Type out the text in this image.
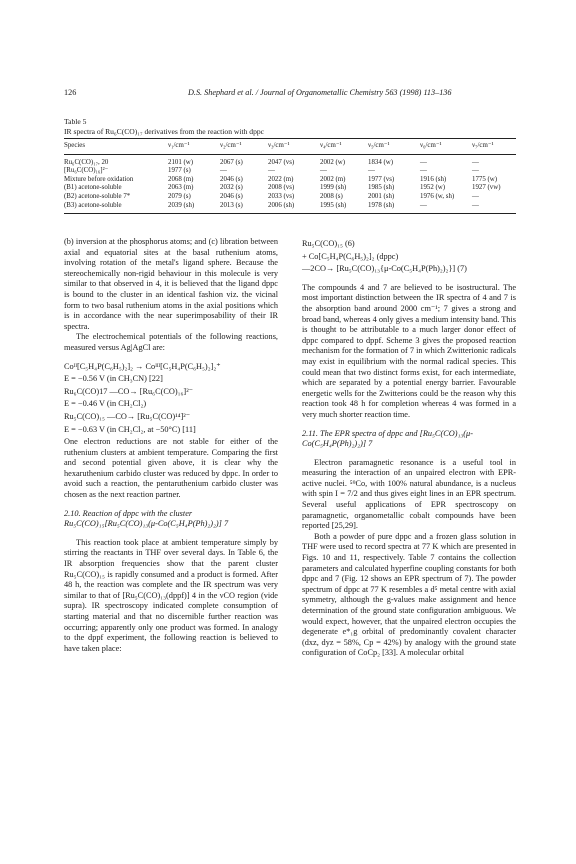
126	D.S. Shephard et al. / Journal of Organometallic Chemistry 563 (1998) 113–136
Table 5
IR spectra of Ru₆C(CO)₁₇ derivatives from the reaction with dppc
Species	ν₁/cm⁻¹	ν₂/cm⁻¹	ν₃/cm⁻¹	ν₄/cm⁻¹	ν₅/cm⁻¹	ν₆/cm⁻¹	ν₇/cm⁻¹
Ru₆C(CO)₁₇, 20	2101 (w)	2067 (s)	2047 (vs)	2002 (w)	1834 (w)	—	—
[Ru₆C(CO)₁₆]²⁻	1977 (s)	—	—	—	—	—	—
Mixture before oxidation	2068 (m)	2046 (s)	2022 (m)	2002 (m)	1977 (vs)	1916 (sh)	1775 (w)
(B1) acetone-soluble	2063 (m)	2032 (s)	2008 (vs)	1999 (sh)	1985 (sh)	1952 (w)	1927 (vw)
(B2) acetone-soluble 7*	2079 (s)	2046 (s)	2033 (vs)	2008 (s)	2001 (sh)	1976 (w, sh)	—
(B3) acetone-soluble	2039 (sh)	2013 (s)	2006 (sh)	1995 (sh)	1978 (sh)	—	—

(b) inversion at the phosphorus atoms; and (c) libration between axial and equatorial sites at the basal ruthenium atoms, involving rotation of the metal's ligand sphere. Because the stereochemically non-rigid behaviour in this molecule is very similar to that observed in 4, it is believed that the ligand dppc is bound to the cluster in an identical fashion viz. the vicinal form to two basal ruthenium atoms in the axial positions which is in accordance with the near superimposability of their IR spectra.

The electrochemical potentials of the following reactions, measured versus Ag|AgCl are:

Coᴵᴵ[C₅H₄P(C₆H₅)₂]₂ → Coᴵᴵᴵ[C₅H₄P(C₆H₅)₂]₂⁺

E = −0.56 V (in CH₃CN) [22]

Ru₆C(CO)17 —CO→ [Ru₆C(CO)₁₆]²⁻

E = −0.46 V (in CH₂Cl₂)

Ru₅C(CO)₁₅ —CO→ [Ru₅C(CO)¹⁴]²⁻

E = −0.63 V (in CH₂Cl₂, at −50°C) [11]

One electron reductions are not stable for either of the ruthenium clusters at ambient temperature. Comparing the first and second potential given above, it is clear why the hexaruthenium carbido cluster was reduced by dppc. In order to avoid such a reaction, the pentaruthenium carbido cluster was chosen as the next reaction partner.

2.10. Reaction of dppc with the cluster Ru₅C(CO)₁₅[Ru₅C(CO)₁₃(μ-Co(C₅H₄P(Ph)₂)₂)] 7

This reaction took place at ambient temperature simply by stirring the reactants in THF over several days. In Table 6, the IR absorption frequencies show that the parent cluster Ru₅C(CO)₁₅ is rapidly consumed and a product is formed. After 48 h, the reaction was complete and the IR spectrum was very similar to that of [Ru₅C(CO)₁₃(dppf)] 4 in the νCO region (vide supra). IR spectroscopy indicated complete consumption of starting material and that no discernible further reaction was occurring; apparently only one product was formed. In analogy to the dppf experiment, the following reaction is believed to have taken place:

Ru₅C(CO)₁₅ (6)

+ Co[C₅H₄P(C₆H₅)₂]₂ (dppc)

—2CO→ [Ru₅C(CO)₁₃{μ-Co(C₅H₄P(Ph)₂)₂}] (7)

The compounds 4 and 7 are believed to be isostructural. The most important distinction between the IR spectra of 4 and 7 is the absorption band around 2000 cm⁻¹; 7 gives a strong and broad band, whereas 4 only gives a medium intensity band. This is thought to be attributable to a much larger donor effect of dppc compared to dppf. Scheme 3 gives the proposed reaction mechanism for the formation of 7 in which Zwitterionic radicals may exist in equilibrium with the normal radical species. This could mean that two distinct forms exist, for each intermediate, which are separated by a potential energy barrier. Favourable energetic wells for the Zwitterions could be the reason why this reaction took 48 h for completion whereas 4 was formed in a very much shorter reaction time.

2.11. The EPR spectra of dppc and [Ru₅C(CO)₁₃(μ-Co(C₅H₄P(Ph)₂)₂)] 7

Electron paramagnetic resonance is a useful tool in measuring the interaction of an unpaired electron with EPR-active nuclei. ⁵⁹Co, with 100% natural abundance, is a nucleus with spin I = 7/2 and thus gives eight lines in an EPR spectrum. Several useful applications of EPR spectroscopy on paramagnetic, organometallic cobalt compounds have been reported [25,29].

Both a powder of pure dppc and a frozen glass solution in THF were used to record spectra at 77 K which are presented in Figs. 10 and 11, respectively. Table 7 contains the collection parameters and calculated hyperfine coupling constants for both dppc and 7 (Fig. 12 shows an EPR spectrum of 7). The powder spectrum of dppc at 77 K resembles a d⁵ metal centre with axial symmetry, although the g-values make assignment and hence determination of the ground state configuration ambiguous. We would expect, however, that the unpaired electron occupies the degenerate e*₁g orbital of predominantly covalent character (dxz, dyz = 58%, Cp = 42%) by analogy with the ground state configuration of CoCp₂ [33]. A molecular orbital
